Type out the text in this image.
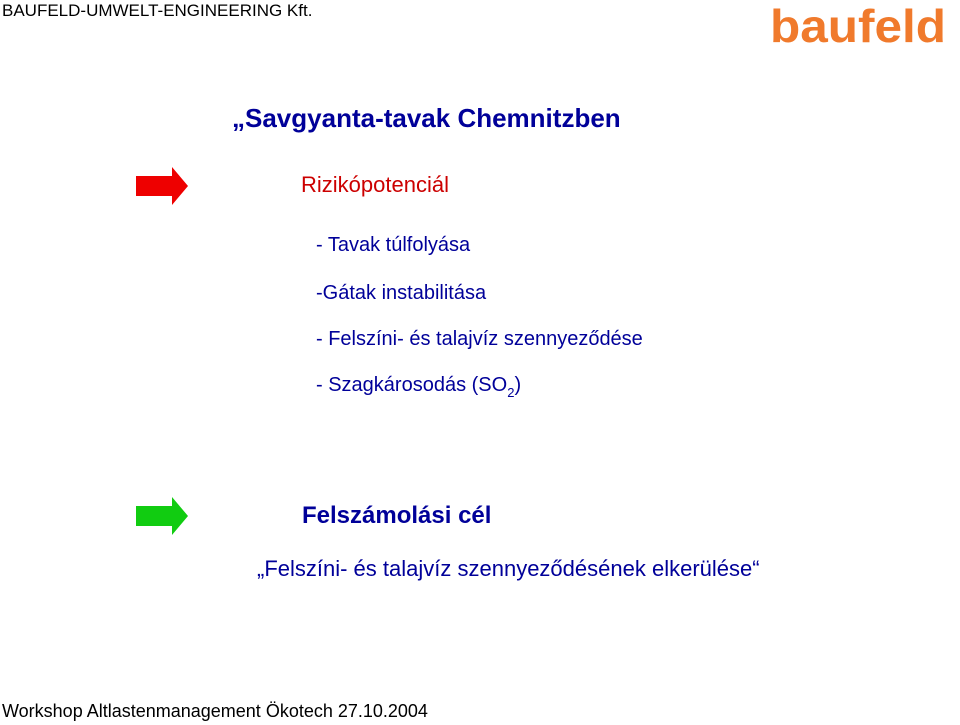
BAUFELD-UMWELT-ENGINEERING Kft.	baufeld
„Savgyanta-tavak Chemnitzben
Rizikópotenciál
- Tavak túlfolyása
-Gátak instabilitása
- Felszíni- és talajvíz szennyeződése
- Szagkárosodás $(SO_2)$
Felszámolási cél
„Felszíni- és talajvíz szennyeződésének elkerülése“
Workshop Altlastenmanagement Ökotech 27.10.2004
